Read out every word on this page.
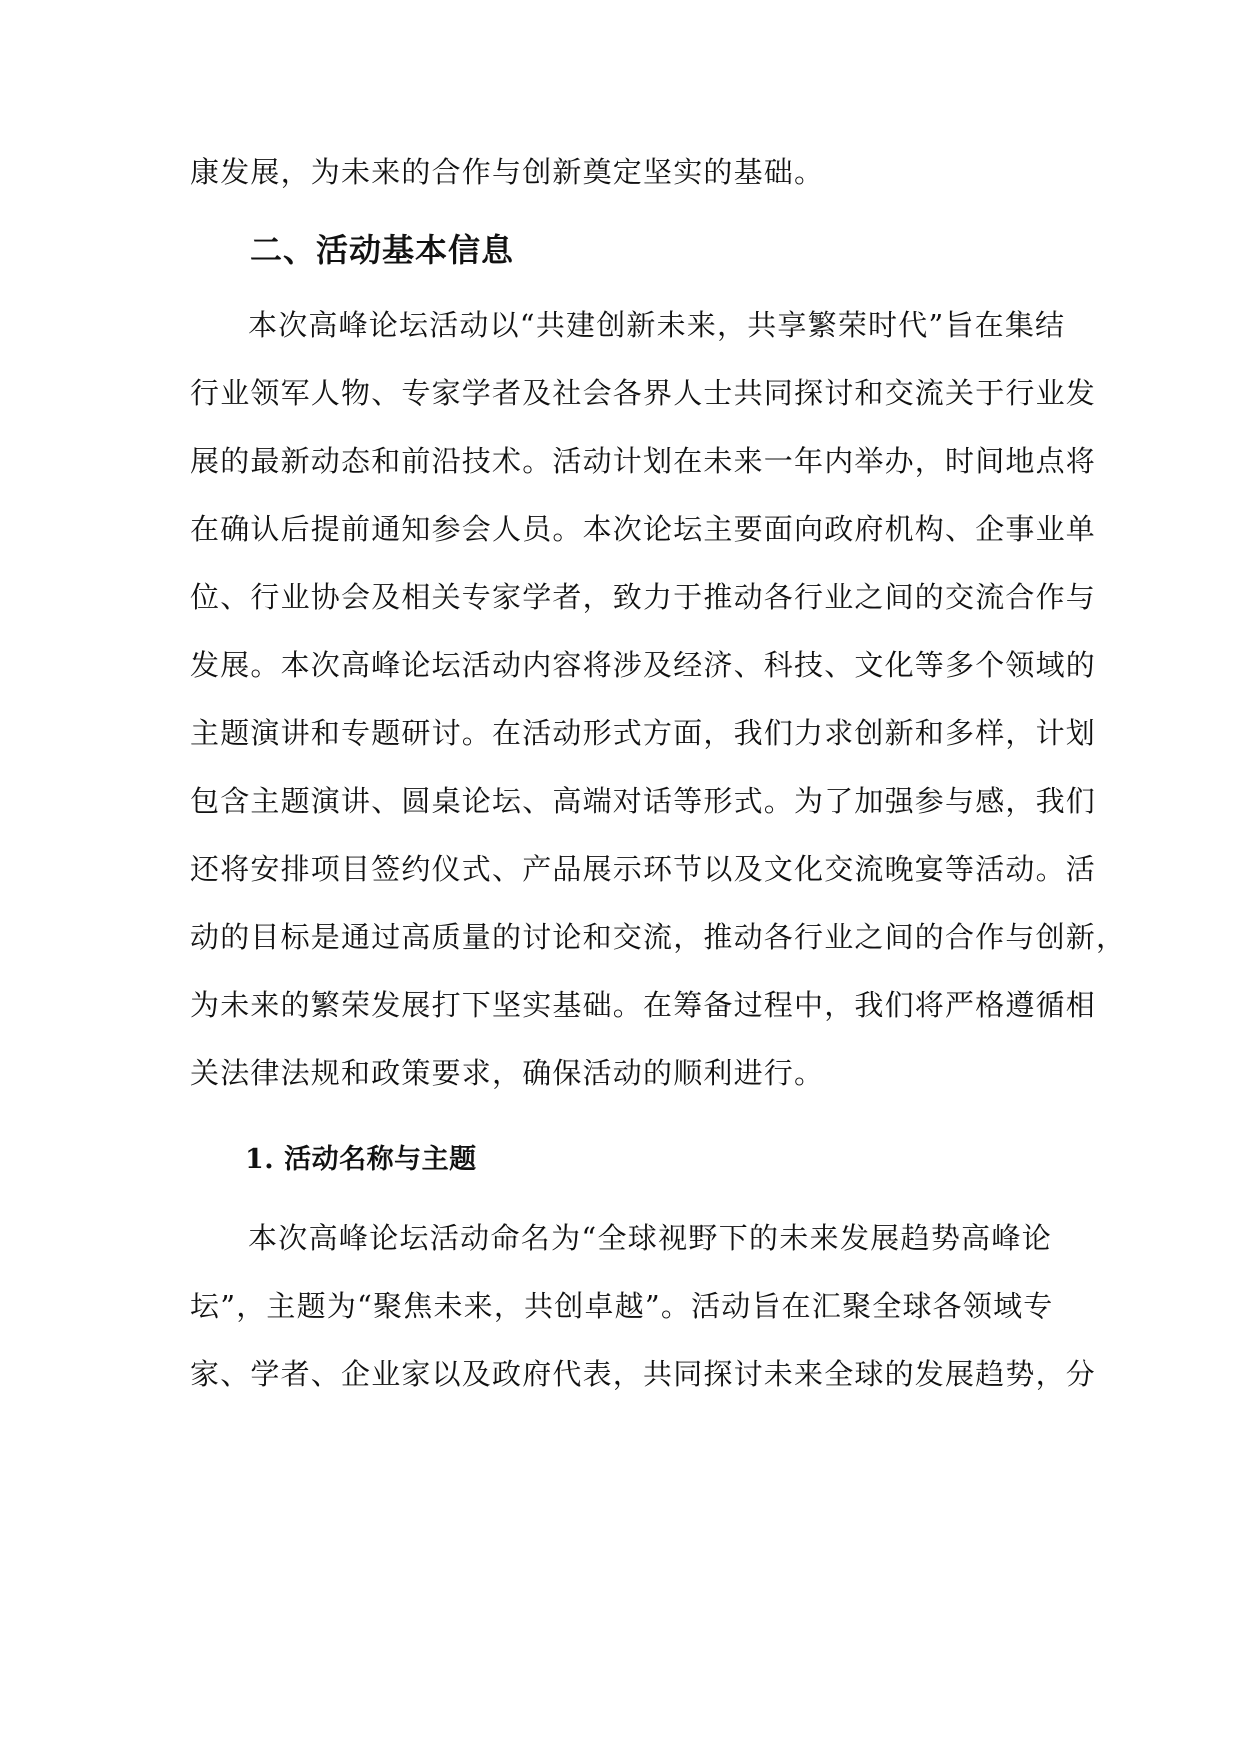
康发展，为未来的合作与创新奠定坚实的基础。
二、活动基本信息
本次高峰论坛活动以“共建创新未来，共享繁荣时代”旨在集结
行业领军人物、专家学者及社会各界人士共同探讨和交流关于行业发
展的最新动态和前沿技术。活动计划在未来一年内举办，时间地点将
在确认后提前通知参会人员。本次论坛主要面向政府机构、企事业单
位、行业协会及相关专家学者，致力于推动各行业之间的交流合作与
发展。本次高峰论坛活动内容将涉及经济、科技、文化等多个领域的
主题演讲和专题研讨。在活动形式方面，我们力求创新和多样，计划
包含主题演讲、圆桌论坛、高端对话等形式。为了加强参与感，我们
还将安排项目签约仪式、产品展示环节以及文化交流晚宴等活动。活
动的目标是通过高质量的讨论和交流，推动各行业之间的合作与创新，
为未来的繁荣发展打下坚实基础。在筹备过程中，我们将严格遵循相
关法律法规和政策要求，确保活动的顺利进行。
1. 活动名称与主题
本次高峰论坛活动命名为“全球视野下的未来发展趋势高峰论
坛”，主题为“聚焦未来，共创卓越”。活动旨在汇聚全球各领域专
家、学者、企业家以及政府代表，共同探讨未来全球的发展趋势，分
